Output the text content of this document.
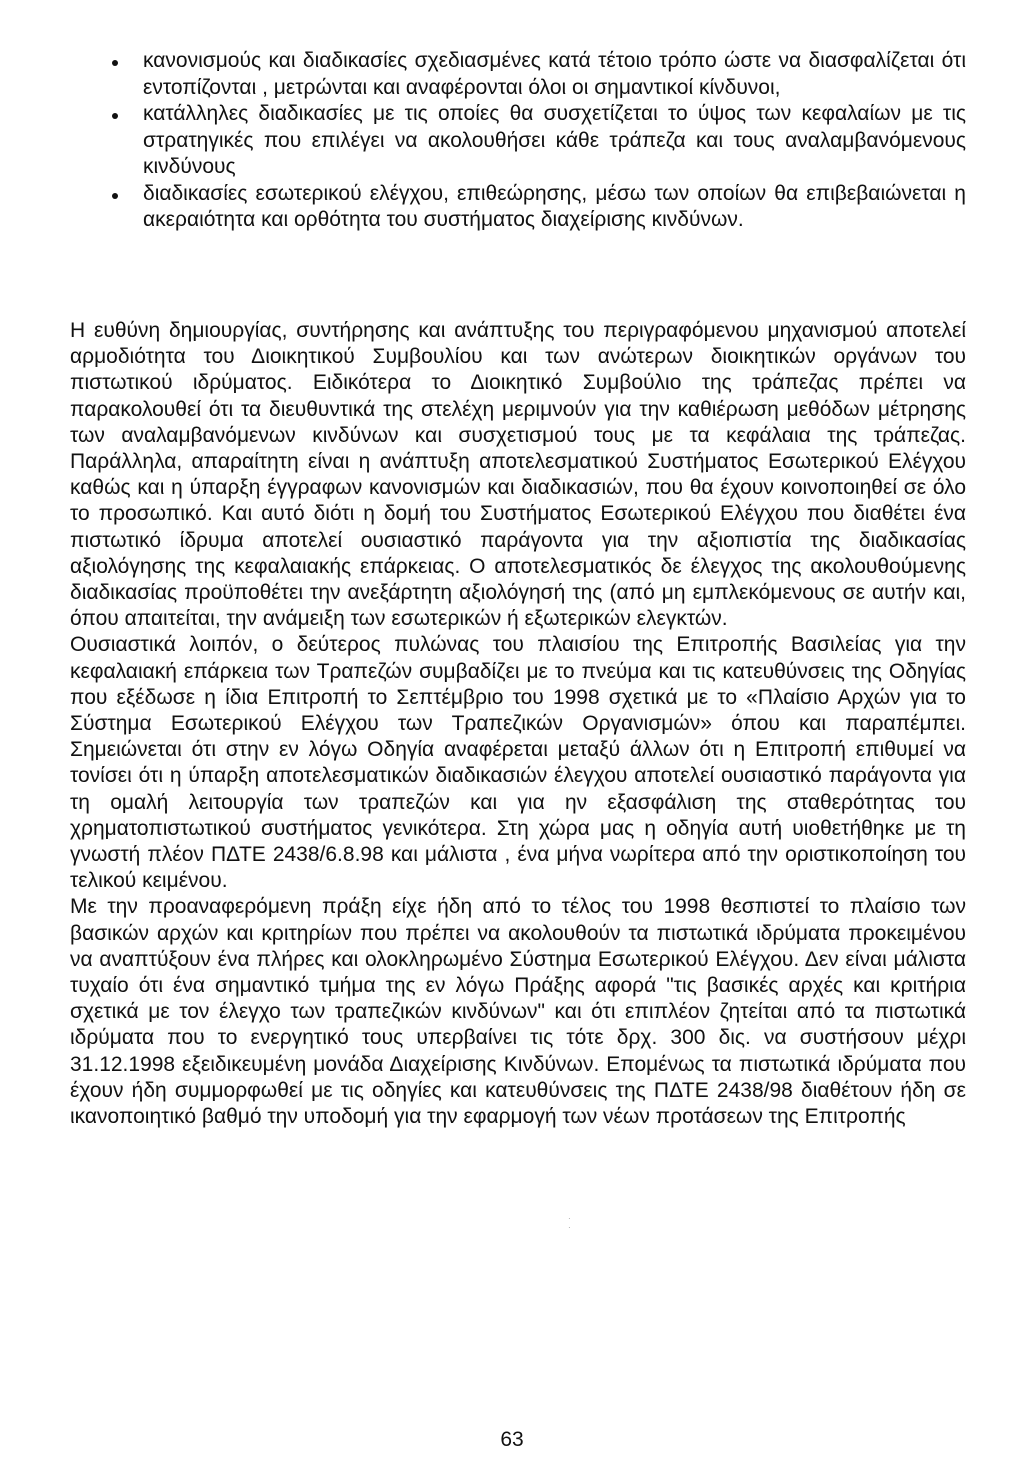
κανονισμούς και διαδικασίες σχεδιασμένες κατά τέτοιο τρόπο ώστε να διασφαλίζεται ότι εντοπίζονται , μετρώνται και αναφέρονται όλοι οι σημαντικοί κίνδυνοι,
κατάλληλες διαδικασίες με τις οποίες θα συσχετίζεται το ύψος των κεφαλαίων με τις στρατηγικές που επιλέγει να ακολουθήσει κάθε τράπεζα και τους αναλαμβανόμενους κινδύνους
διαδικασίες εσωτερικού ελέγχου, επιθεώρησης, μέσω των οποίων θα επιβεβαιώνεται η ακεραιότητα και ορθότητα του συστήματος διαχείρισης κινδύνων.

Η ευθύνη δημιουργίας, συντήρησης και ανάπτυξης του περιγραφόμενου μηχανισμού αποτελεί αρμοδιότητα του Διοικητικού Συμβουλίου και των ανώτερων διοικητικών οργάνων του πιστωτικού ιδρύματος. Ειδικότερα το Διοικητικό Συμβούλιο της τράπεζας πρέπει να παρακολουθεί ότι τα διευθυντικά της στελέχη μεριμνούν για την καθιέρωση μεθόδων μέτρησης των αναλαμβανόμενων κινδύνων και συσχετισμού τους με τα κεφάλαια της τράπεζας. Παράλληλα, απαραίτητη είναι η ανάπτυξη αποτελεσματικού Συστήματος Εσωτερικού Ελέγχου καθώς και η ύπαρξη έγγραφων κανονισμών και διαδικασιών, που θα έχουν κοινοποιηθεί σε όλο το προσωπικό. Και αυτό διότι η δομή του Συστήματος Εσωτερικού Ελέγχου που διαθέτει ένα πιστωτικό ίδρυμα αποτελεί ουσιαστικό παράγοντα για την αξιοπιστία της διαδικασίας αξιολόγησης της κεφαλαιακής επάρκειας. Ο αποτελεσματικός δε έλεγχος της ακολουθούμενης διαδικασίας προϋποθέτει την ανεξάρτητη αξιολόγησή της (από μη εμπλεκόμενους σε αυτήν και, όπου απαιτείται, την ανάμειξη των εσωτερικών ή εξωτερικών ελεγκτών.

Ουσιαστικά λοιπόν, ο δεύτερος πυλώνας του πλαισίου της Επιτροπής Βασιλείας για την κεφαλαιακή επάρκεια των Τραπεζών συμβαδίζει με το πνεύμα και τις κατευθύνσεις της Οδηγίας που εξέδωσε η ίδια Επιτροπή το Σεπτέμβριο του 1998 σχετικά με το «Πλαίσιο Αρχών για το Σύστημα Εσωτερικού Ελέγχου των Τραπεζικών Οργανισμών» όπου και παραπέμπει. Σημειώνεται ότι στην εν λόγω Οδηγία αναφέρεται μεταξύ άλλων ότι η Επιτροπή επιθυμεί να τονίσει ότι η ύπαρξη αποτελεσματικών διαδικασιών έλεγχου αποτελεί ουσιαστικό παράγοντα για τη ομαλή λειτουργία των τραπεζών και για ην εξασφάλιση της σταθερότητας του χρηματοπιστωτικού συστήματος γενικότερα. Στη χώρα μας η οδηγία αυτή υιοθετήθηκε με τη γνωστή πλέον ΠΔΤΕ 2438/6.8.98 και μάλιστα , ένα μήνα νωρίτερα από την οριστικοποίηση του τελικού κειμένου.

Με την προαναφερόμενη πράξη είχε ήδη από το τέλος του 1998 θεσπιστεί το πλαίσιο των βασικών αρχών και κριτηρίων που πρέπει να ακολουθούν τα πιστωτικά ιδρύματα προκειμένου να αναπτύξουν ένα πλήρες και ολοκληρωμένο Σύστημα Εσωτερικού Ελέγχου. Δεν είναι μάλιστα τυχαίο ότι ένα σημαντικό τμήμα της εν λόγω Πράξης αφορά "τις βασικές αρχές και κριτήρια σχετικά με τον έλεγχο των τραπεζικών κινδύνων" και ότι επιπλέον ζητείται από τα πιστωτικά ιδρύματα που το ενεργητικό τους υπερβαίνει τις τότε δρχ. 300 δις. να συστήσουν μέχρι 31.12.1998 εξειδικευμένη μονάδα Διαχείρισης Κινδύνων. Επομένως τα πιστωτικά ιδρύματα που έχουν ήδη συμμορφωθεί με τις οδηγίες και κατευθύνσεις της ΠΔΤΕ 2438/98 διαθέτουν ήδη σε ικανοποιητικό βαθμό την υποδομή για την εφαρμογή των νέων προτάσεων της Επιτροπής

· ·
63
